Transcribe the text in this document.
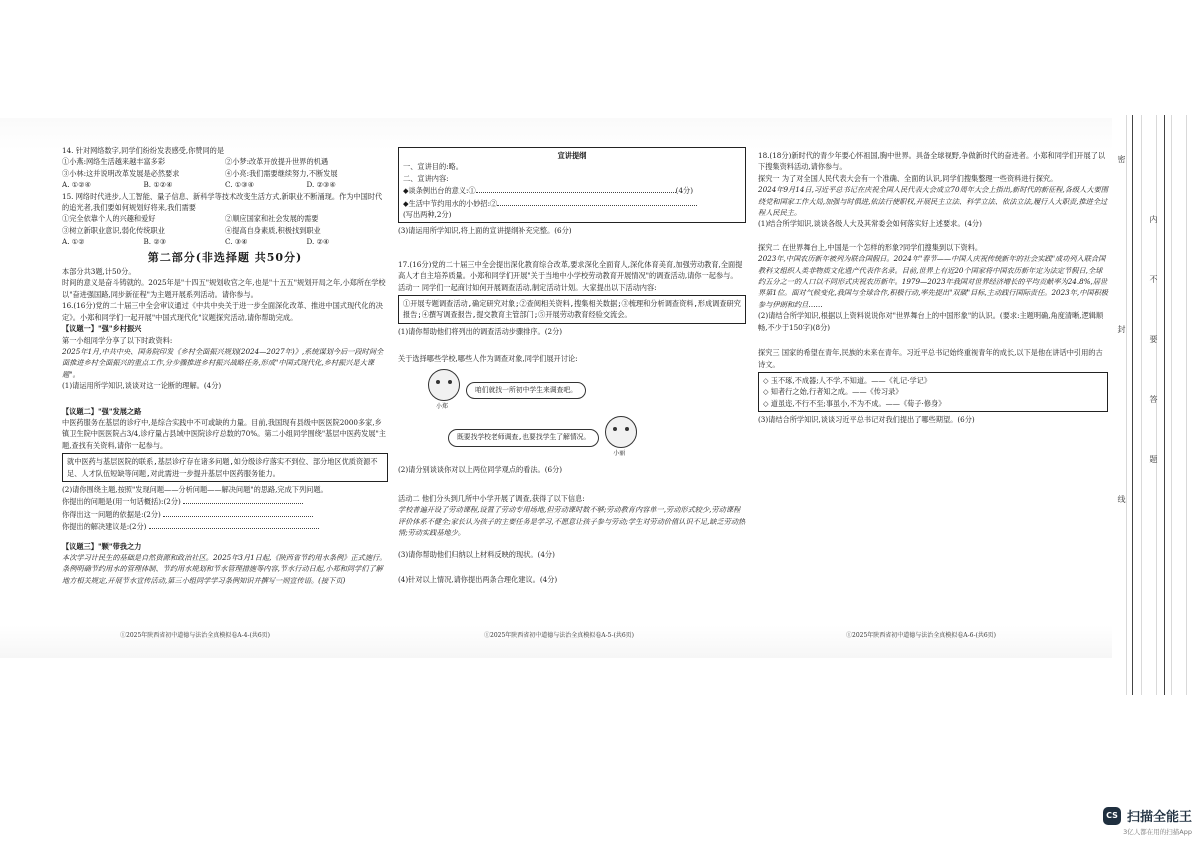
14. 针对网络数字,同学们纷纷发表感受,你赞同的是
①小燕:网络生活越来越丰富多彩	②小梦:改革开放提升世界的机遇
③小林:这并说明改革发展是必然要求	④小亮:我们需要继续努力,不断发展
A. ①②④	B. ①②④	C. ①③④	D. ②③④
15. 网络时代进步,人工智能、量子信息、新科学等技术改变生活方式,新职业不断涌现。作为中国时代的追光者,我们要如何规划好将来,我们需要
①完全依靠个人的兴趣和爱好	②顺应国家和社会发展的需要
③树立新职业意识,弱化传统职业	④提高自身素质,积极找到职业
A. ①②	B. ②③	C. ③④	D. ②④
第二部分(非选择题 共50分)
本部分共3题,计50分。
时间的意义是奋斗铸就的。2025年是"十四五"规划收官之年,也是"十五五"规划开局之年,小郑所在学校以"奋进强国路,同步新征程"为主题开展系列活动。请你参与。
16.(16分)党的二十届三中全会审议通过《中共中央关于进一步全面深化改革、推进中国式现代化的决定》。小郑和同学们一起开展"中国式现代化"议题探究活动,请你帮助完成。
【议题一】"强"乡村振兴
第一小组同学分享了以下时政资料:
2025年1月,中共中央、国务院印发《乡村全面振兴规划(2024—2027年)》,系统谋划今后一段时间全面推进乡村全面振兴的重点工作,分步骤推进乡村振兴战略任务,形成"中国式现代化,乡村振兴是大课题"。
(1)请运用所学知识,谈谈对这一论断的理解。(4分)
【议题二】"强"发展之路
中医药服务在基层的诊疗中,是综合实践中不可或缺的力量。目前,我国现有县级中医医院2000多家,乡镇卫生院中医医院占3/4,诊疗量占县域中医院诊疗总数的70%。第二小组同学围绕"基层中医药发展"主题,查找有关资料,请你一起参与。
就中医药与基层医院的联系,基层诊疗存在诸多问题,如分级诊疗落实不到位、部分地区优质资源不足、人才队伍短缺等问题,对此需进一步提升基层中医药服务能力。
(2)请你围绕主题,按照"发现问题——分析问题——解决问题"的思路,完成下列问题。
你提出的问题是(用一句话概括):(2分)
你得出这一问题的依据是:(2分)
你提出的解决建议是:(2分)
【议题三】"颗"带我之力
本次学习计民生的基础是自然资源和政治社区。2025年3月1日起,《陕西省节约用水条例》正式施行。条例明确节约用水的管理体制、节约用水规划和节水管理措施等内容,节水行动日起,小郑和同学们了解地方相关规定,开展节水宣传活动,第三小组同学学习条例知识并撰写一则宣传语。(接下页)
①2025年陕西省初中道德与法治全真模拟卷A-4-(共6页)
宣讲提纲
一、宣讲目的:略。
二、宣讲内容:
◆谈条例出台的意义:①	(4分)
◆生活中节约用水的小妙招:②
(写出两种,2分)
(3)请运用所学知识,将上面的宣讲提纲补充完整。(6分)
17.(16分)党的二十届三中全会提出深化教育综合改革,要求深化全面育人,深化体育美育,加强劳动教育,全面提高人才自主培养质量。小郑和同学们开展"关于当地中小学校劳动教育开展情况"的调查活动,请你一起参与。
活动一 同学们一起商讨如何开展调查活动,制定活动计划。大家提出以下活动内容:
①开展专题调查活动,确定研究对象;②查阅相关资料,搜集相关数据;③梳理和分析调查资料,形成调查研究报告;④撰写调查报告,提交教育主管部门;⑤开展劳动教育经验交流会。
(1)请你帮助他们将列出的调查活动步骤排序。(2分)
关于选择哪些学校,哪些人作为调查对象,同学们展开讨论:
小郑
咱们就找一所初中学生来调查吧。
既要找学校老师调查,也要找学生了解情况。
小丽
(2)请分别谈谈你对以上两位同学观点的看法。(6分)
活动二 他们分头到几所中小学开展了调查,获得了以下信息:
学校普遍开设了劳动课程,设置了劳动专用场地,但劳动课时数不够;劳动教育内容单一,劳动形式较少,劳动课程评价体系不健全;家长认为孩子的主要任务是学习,不愿意让孩子参与劳动;学生对劳动价值认识不足,缺乏劳动热情;劳动实践基地少。
(3)请你帮助他们归纳以上材料反映的现状。(4分)
(4)针对以上情况,请你提出两条合理化建议。(4分)
①2025年陕西省初中道德与法治全真模拟卷A-5-(共6页)
18.(18分)新时代的青少年要心怀祖国,胸中世界。具备全球视野,争做新时代的奋进者。小郑和同学们开展了以下搜集资料活动,请你参与。
探究一 为了对全国人民代表大会有一个准确、全面的认识,同学们搜集整理一些资料进行探究。
2024年9月14日,习近平总书记在庆祝全国人民代表大会成立70周年大会上指出,新时代的新征程,各级人大要围绕党和国家工作大局,加强与时俱进,依法行使职权,开展民主立法、科学立法、依法立法,履行人大职责,推进全过程人民民主。
(1)结合所学知识,谈谈各级人大及其常委会如何落实好上述要求。(4分)
探究二 在世界舞台上,中国是一个怎样的形象?同学们搜集到以下资料。
2023年,中国农历新年被列为联合国假日。2024年"春节——中国人庆祝传统新年的社会实践"成功列入联合国教科文组织人类非物质文化遗产代表作名录。目前,世界上有近20个国家将中国农历新年定为法定节假日,全球约五分之一的人口以不同形式庆祝农历新年。1979—2023年我国对世界经济增长的平均贡献率为24.8%,居世界第1位。面对气候变化,我国与全球合作,积极行动,率先提出"双碳"目标,主动践行国际责任。2023年,中国积极参与伊朗和约旦……
(2)请结合所学知识,根据以上资料说说你对"世界舞台上的中国形象"的认识。(要求:主题明确,角度清晰,逻辑顺畅,不少于150字)(8分)
探究三 国家的希望在青年,民族的未来在青年。习近平总书记始终重视青年的成长,以下是他在讲话中引用的古诗文。
◇ 玉不琢,不成器;人不学,不知道。——《礼记·学记》
◇ 知者行之始,行者知之成。——《传习录》
◇ 道虽迩,不行不至;事虽小,不为不成。——《荀子·修身》
(3)请结合所学知识,谈谈习近平总书记对我们提出了哪些期望。(6分)
①2025年陕西省初中道德与法治全真模拟卷A-6-(共6页)
密
封
线
内
不
要
答
题
CS 扫描全能王
3亿人都在用的扫描App
